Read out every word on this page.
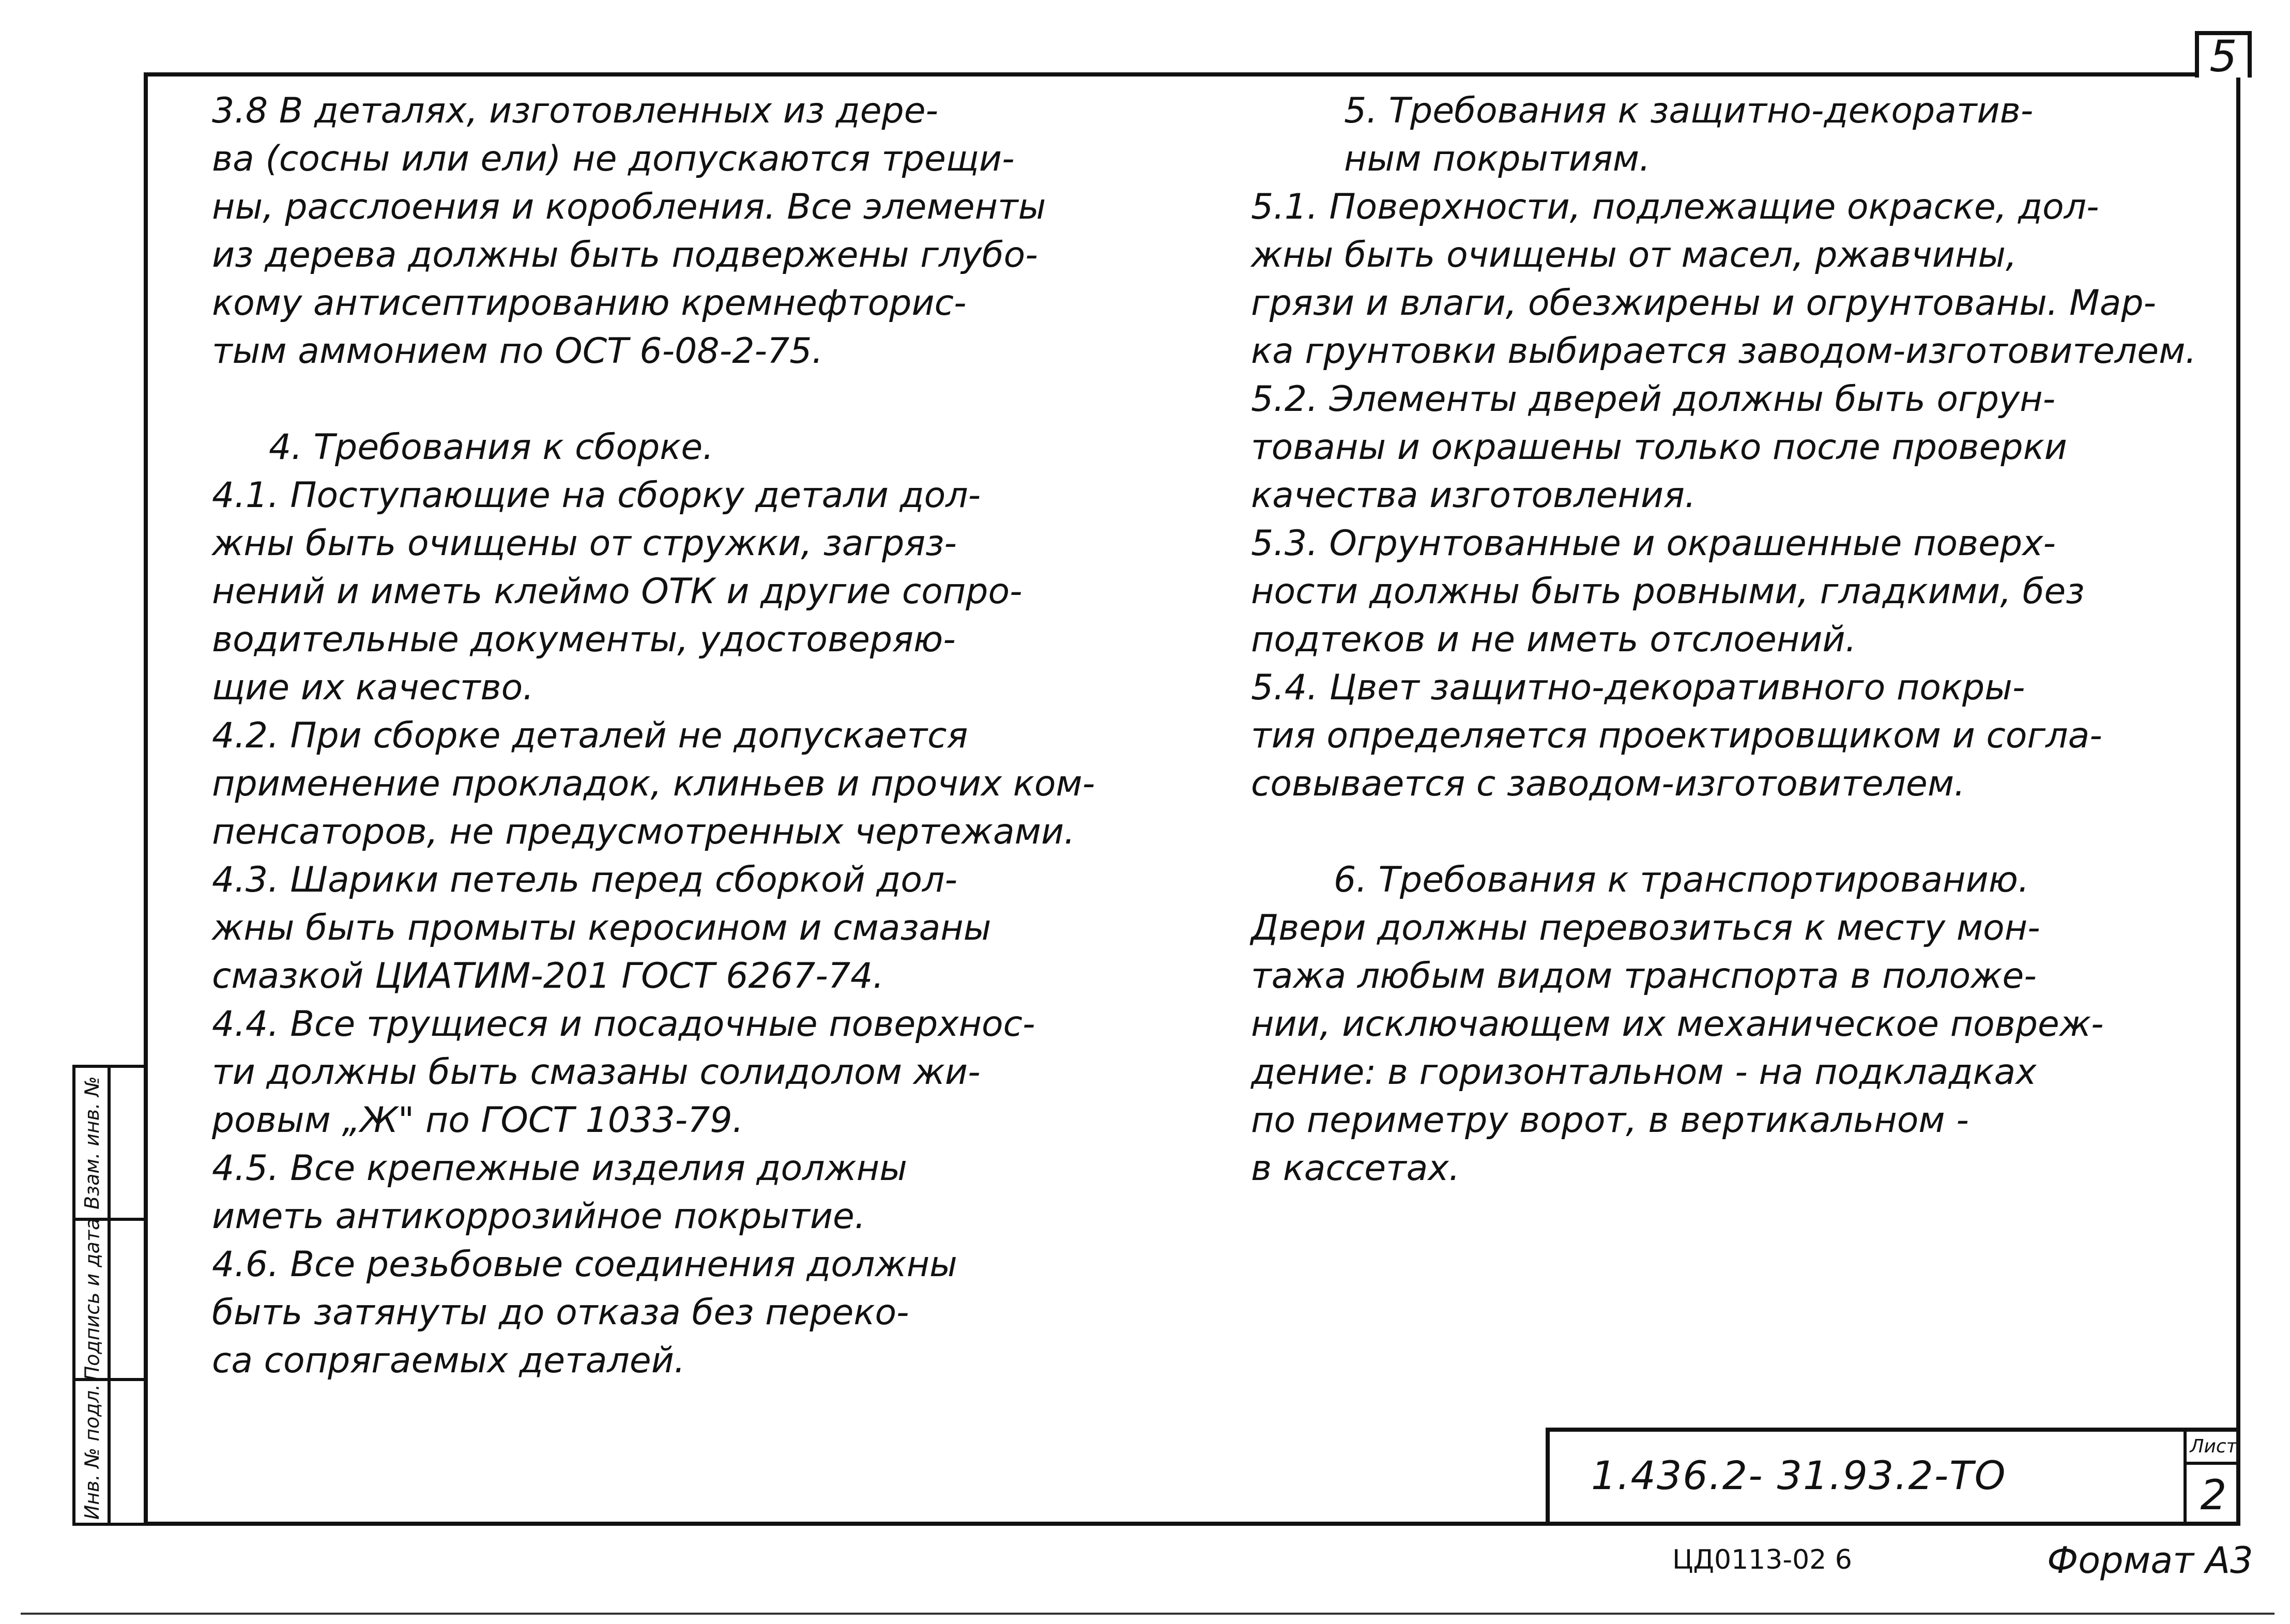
5
Взам. инв. №
Подпись и дата
Инв. № подл.

3.8 В деталях, изготовленных из дере-
ва (сосны или ели) не допускаются трещи-
ны, расслоения и коробления. Все элементы
из дерева должны быть подвержены глубо-
кому антисептированию кремнефторис-
тым аммонием по ОСТ 6-08-2-75.

4. Требования к сборке.

4.1. Поступающие на сборку детали дол-
жны быть очищены от стружки, загряз-
нений и иметь клеймо ОТК и другие сопро-
водительные документы, удостоверяю-
щие их качество.

4.2. При сборке деталей не допускается
применение прокладок, клиньев и прочих ком-
пенсаторов, не предусмотренных чертежами.

4.3. Шарики петель перед сборкой дол-
жны быть промыты керосином и смазаны
смазкой ЦИАТИМ-201 ГОСТ 6267-74.

4.4. Все трущиеся и посадочные поверхнос-
ти должны быть смазаны солидолом жи-
ровым „Ж" по ГОСТ 1033-79.

4.5. Все крепежные изделия должны
иметь антикоррозийное покрытие.

4.6. Все резьбовые соединения должны
быть затянуты до отказа без переко-
са сопрягаемых деталей.

5. Требования к защитно-декоратив-
ным покрытиям.

5.1. Поверхности, подлежащие окраске, дол-
жны быть очищены от масел, ржавчины,
грязи и влаги, обезжирены и огрунтованы. Мар-
ка грунтовки выбирается заводом-изготовителем.

5.2. Элементы дверей должны быть огрун-
тованы и окрашены только после проверки
качества изготовления.

5.3. Огрунтованные и окрашенные поверх-
ности должны быть ровными, гладкими, без
подтеков и не иметь отслоений.

5.4. Цвет защитно-декоративного покры-
тия определяется проектировщиком и согла-
совывается с заводом-изготовителем.

6. Требования к транспортированию.

Двери должны перевозиться к месту мон-
тажа любым видом транспорта в положе-
нии, исключающем их механическое повреж-
дение: в горизонтальном - на подкладках
по периметру ворот, в вертикальном -
в кассетах.

1.436.2- 31.93.2-ТО
Лист
2
ЦД0113-02 6	Формат А3
